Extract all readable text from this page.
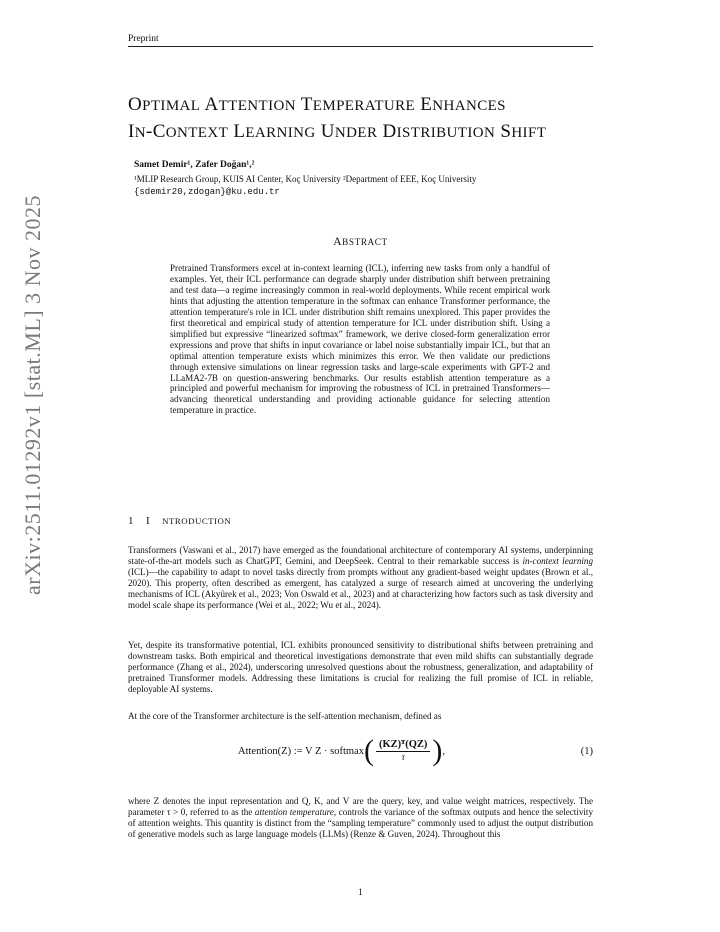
Preprint
arXiv:2511.01292v1 [stat.ML] 3 Nov 2025
OPTIMAL ATTENTION TEMPERATURE ENHANCES
IN-CONTEXT LEARNING UNDER DISTRIBUTION SHIFT
Samet Demir¹, Zafer Doğan¹,²
¹MLIP Research Group, KUIS AI Center, Koç University ²Department of EEE, Koç University
{sdemir20,zdogan}@ku.edu.tr
ABSTRACT
Pretrained Transformers excel at in-context learning (ICL), inferring new tasks from only a handful of examples. Yet, their ICL performance can degrade sharply under distribution shift between pretraining and test data—a regime increasingly common in real-world deployments. While recent empirical work hints that adjusting the attention temperature in the softmax can enhance Transformer performance, the attention temperature's role in ICL under distribution shift remains unexplored. This paper provides the first theoretical and empirical study of attention temperature for ICL under distribution shift. Using a simplified but expressive “linearized softmax” framework, we derive closed-form generalization error expressions and prove that shifts in input covariance or label noise substantially impair ICL, but that an optimal attention temperature exists which minimizes this error. We then validate our predictions through extensive simulations on linear regression tasks and large-scale experiments with GPT-2 and LLaMA2-7B on question-answering benchmarks. Our results establish attention temperature as a principled and powerful mechanism for improving the robustness of ICL in pretrained Transformers—advancing theoretical understanding and providing actionable guidance for selecting attention temperature in practice.
1 I NTRODUCTION
Transformers (Vaswani et al., 2017) have emerged as the foundational architecture of contemporary AI systems, underpinning state-of-the-art models such as ChatGPT, Gemini, and DeepSeek. Central to their remarkable success is in-context learning (ICL)—the capability to adapt to novel tasks directly from prompts without any gradient-based weight updates (Brown et al., 2020). This property, often described as emergent, has catalyzed a surge of research aimed at uncovering the underlying mechanisms of ICL (Akyürek et al., 2023; Von Oswald et al., 2023) and at characterizing how factors such as task diversity and model scale shape its performance (Wei et al., 2022; Wu et al., 2024).
Yet, despite its transformative potential, ICL exhibits pronounced sensitivity to distributional shifts between pretraining and downstream tasks. Both empirical and theoretical investigations demonstrate that even mild shifts can substantially degrade performance (Zhang et al., 2024), underscoring unresolved questions about the robustness, generalization, and adaptability of pretrained Transformer models. Addressing these limitations is crucial for realizing the full promise of ICL in reliable, deployable AI systems.
At the core of the Transformer architecture is the self-attention mechanism, defined as
Attention(Z) := V Z · softmax ( $\frac{\text{(KZ)ᵀ(QZ)}}{\tau}$ ) ,	(1)
where Z denotes the input representation and Q, K, and V are the query, key, and value weight matrices, respectively. The parameter τ > 0, referred to as the attention temperature, controls the variance of the softmax outputs and hence the selectivity of attention weights. This quantity is distinct from the “sampling temperature” commonly used to adjust the output distribution of generative models such as large language models (LLMs) (Renze & Guven, 2024). Throughout this
1
